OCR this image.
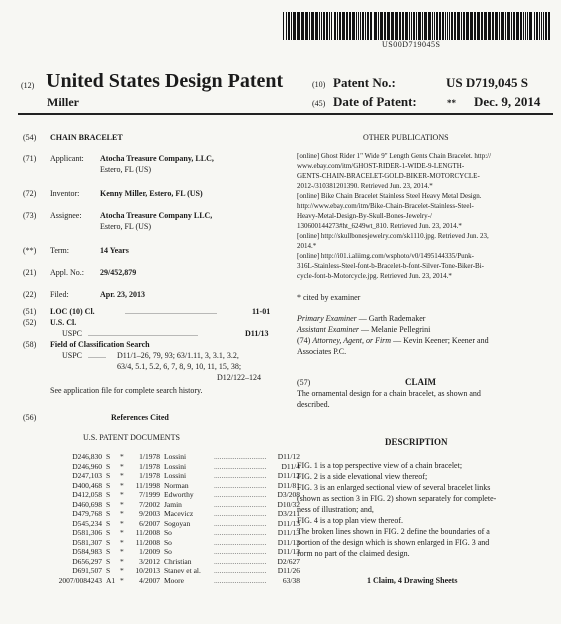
US00D719045S
(12) United States Design Patent
Miller
(10) Patent No.:	US D719,045 S
(45) Date of Patent:	** Dec. 9, 2014
(54) CHAIN BRACELET
(71) Applicant: Atocha Treasure Company, LLC,
Estero, FL (US)
(72) Inventor:	Kenny Miller, Estero, FL (US)
(73) Assignee: Atocha Treasure Company LLC,
Estero, FL (US)
(**) Term:	14 Years
(21) Appl. No.: 29/452,879
(22) Filed:	Apr. 23, 2013
(51) LOC (10) Cl.	..............................................	11-01
(52) U.S. Cl.
USPC .......................................................	D11/13
(58) Field of Classification Search
USPC ......... D11/1–26, 79, 93; 63/1.11, 3, 3.1, 3.2,
63/4, 5.1, 5.2, 6, 7, 8, 9, 10, 11, 15, 38;
D12/122–124
See application file for complete search history.
(56)	References Cited
U.S. PATENT DOCUMENTS
D246,830 S	*	1/1978 Lossini	D11/12
............................
D246,960 S	*	1/1978 Lossini	D11/4
............................
D247,103 S	*	1/1978 Lossini	D11/12
............................
D400,468 S	*	11/1998 Norman	D11/81
............................
D412,058 S	*	7/1999 Edworthy	D3/208
............................
D460,698 S	*	7/2002 Jamin	D10/32
............................
D479,768 S	*	9/2003 Macevicz	D3/211
............................
D545,234 S	*	6/2007 Sogoyan	D11/13
............................
D581,306 S	*	11/2008 So	D11/13
............................
D581,307 S	*	11/2008 So	D11/13
............................
D584,983 S	*	1/2009 So	D11/13
............................
D656,297 S	*	3/2012 Christian	D2/627
............................
D691,507 S	*	10/2013 Stanev et al.	D11/26
............................
2007/0084243 A1 *	4/2007 Moore	63/38
............................
OTHER PUBLICATIONS
[online] Ghost Rider 1" Wide 9" Length Gents Chain Bracelet. http://
www.ebay.com/itm/GHOST-RIDER-1-WIDE-9-LENGTH-
GENTS-CHAIN-BRACELET-GOLD-BIKER-MOTORCYCLE-
2012-/310381201390. Retrieved Jun. 23, 2014.*
[online] Bike Chain Bracelet Stainless Steel Heavy Metal Design.
http://www.ebay.com/itm/Bike-Chain-Bracelet-Stainless-Steel-
Heavy-Metal-Design-By-Skull-Bones-Jewelry-/
130600144273#ht_6249wt_810. Retrieved Jun. 23, 2014.*
[online] http://skullbonesjewelry.com/sk1110.jpg. Retrieved Jun. 23,
2014.*
[online] http://i01.i.aliimg.com/wsphoto/v0/1495144335/Punk-
316L-Stainless-Steel-font-b-Bracelet-b-font-Silver-Tone-Biker-Bi-
cycle-font-b-Motorcycle.jpg. Retrieved Jun. 23, 2014.*
* cited by examiner
Primary Examiner — Garth Rademaker
Assistant Examiner — Melanie Pellegrini
(74) Attorney, Agent, or Firm — Kevin Keener; Keener and
Associates P.C.
(57)	CLAIM
The ornamental design for a chain bracelet, as shown and
described.
DESCRIPTION
FIG. 1 is a top perspective view of a chain bracelet;
FIG. 2 is a side elevational view thereof;
FIG. 3 is an enlarged sectional view of several bracelet links
(shown as section 3 in FIG. 2) shown separately for complete-
ness of illustration; and,
FIG. 4 is a top plan view thereof.
The broken lines shown in FIG. 2 define the boundaries of a
portion of the design which is shown enlarged in FIG. 3 and
form no part of the claimed design.
1 Claim, 4 Drawing Sheets
